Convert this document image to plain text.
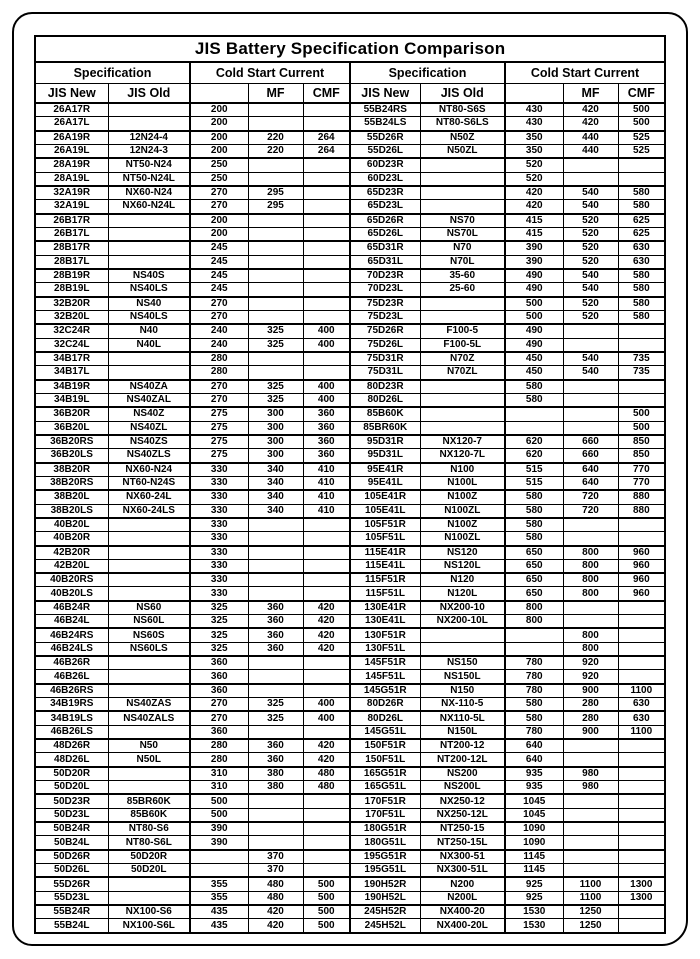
JIS Battery Specification Comparison									
Specification		Cold Start Current			Specification		Cold Start Current		
JIS New	JIS Old		MF	CMF	JIS New	JIS Old		MF	CMF
26A17R		200			55B24RS	NT80-S6S	430	420	500
26A17L		200			55B24LS	NT80-S6LS	430	420	500
26A19R	12N24-4	200	220	264	55D26R	N50Z	350	440	525
26A19L	12N24-3	200	220	264	55D26L	N50ZL	350	440	525
28A19R	NT50-N24	250			60D23R		520		
28A19L	NT50-N24L	250			60D23L		520		
32A19R	NX60-N24	270	295		65D23R		420	540	580
32A19L	NX60-N24L	270	295		65D23L		420	540	580
26B17R		200			65D26R	NS70	415	520	625
26B17L		200			65D26L	NS70L	415	520	625
28B17R		245			65D31R	N70	390	520	630
28B17L		245			65D31L	N70L	390	520	630
28B19R	NS40S	245			70D23R	35-60	490	540	580
28B19L	NS40LS	245			70D23L	25-60	490	540	580
32B20R	NS40	270			75D23R		500	520	580
32B20L	NS40LS	270			75D23L		500	520	580
32C24R	N40	240	325	400	75D26R	F100-5	490		
32C24L	N40L	240	325	400	75D26L	F100-5L	490		
34B17R		280			75D31R	N70Z	450	540	735
34B17L		280			75D31L	N70ZL	450	540	735
34B19R	NS40ZA	270	325	400	80D23R		580		
34B19L	NS40ZAL	270	325	400	80D26L		580		
36B20R	NS40Z	275	300	360	85B60K				500
36B20L	NS40ZL	275	300	360	85BR60K				500
36B20RS	NS40ZS	275	300	360	95D31R	NX120-7	620	660	850
36B20LS	NS40ZLS	275	300	360	95D31L	NX120-7L	620	660	850
38B20R	NX60-N24	330	340	410	95E41R	N100	515	640	770
38B20RS	NT60-N24S	330	340	410	95E41L	N100L	515	640	770
38B20L	NX60-24L	330	340	410	105E41R	N100Z	580	720	880
38B20LS	NX60-24LS	330	340	410	105E41L	N100ZL	580	720	880
40B20L		330			105F51R	N100Z	580		
40B20R		330			105F51L	N100ZL	580		
42B20R		330			115E41R	NS120	650	800	960
42B20L		330			115E41L	NS120L	650	800	960
40B20RS		330			115F51R	N120	650	800	960
40B20LS		330			115F51L	N120L	650	800	960
46B24R	NS60	325	360	420	130E41R	NX200-10	800		
46B24L	NS60L	325	360	420	130E41L	NX200-10L	800		
46B24RS	NS60S	325	360	420	130F51R			800	
46B24LS	NS60LS	325	360	420	130F51L			800	
46B26R		360			145F51R	NS150	780	920	
46B26L		360			145F51L	NS150L	780	920	
46B26RS		360			145G51R	N150	780	900	1100
34B19RS	NS40ZAS	270	325	400	80D26R	NX-110-5	580	280	630
34B19LS	NS40ZALS	270	325	400	80D26L	NX110-5L	580	280	630
46B26LS		360			145G51L	N150L	780	900	1100
48D26R	N50	280	360	420	150F51R	NT200-12	640		
48D26L	N50L	280	360	420	150F51L	NT200-12L	640		
50D20R		310	380	480	165G51R	NS200	935	980	
50D20L		310	380	480	165G51L	NS200L	935	980	
50D23R	85BR60K	500			170F51R	NX250-12	1045		
50D23L	85B60K	500			170F51L	NX250-12L	1045		
50B24R	NT80-S6	390			180G51R	NT250-15	1090		
50B24L	NT80-S6L	390			180G51L	NT250-15L	1090		
50D26R	50D20R		370		195G51R	NX300-51	1145		
50D26L	50D20L		370		195G51L	NX300-51L	1145		
55D26R		355	480	500	190H52R	N200	925	1100	1300
55D23L		355	480	500	190H52L	N200L	925	1100	1300
55B24R	NX100-S6	435	420	500	245H52R	NX400-20	1530	1250	
55B24L	NX100-S6L	435	420	500	245H52L	NX400-20L	1530	1250	
